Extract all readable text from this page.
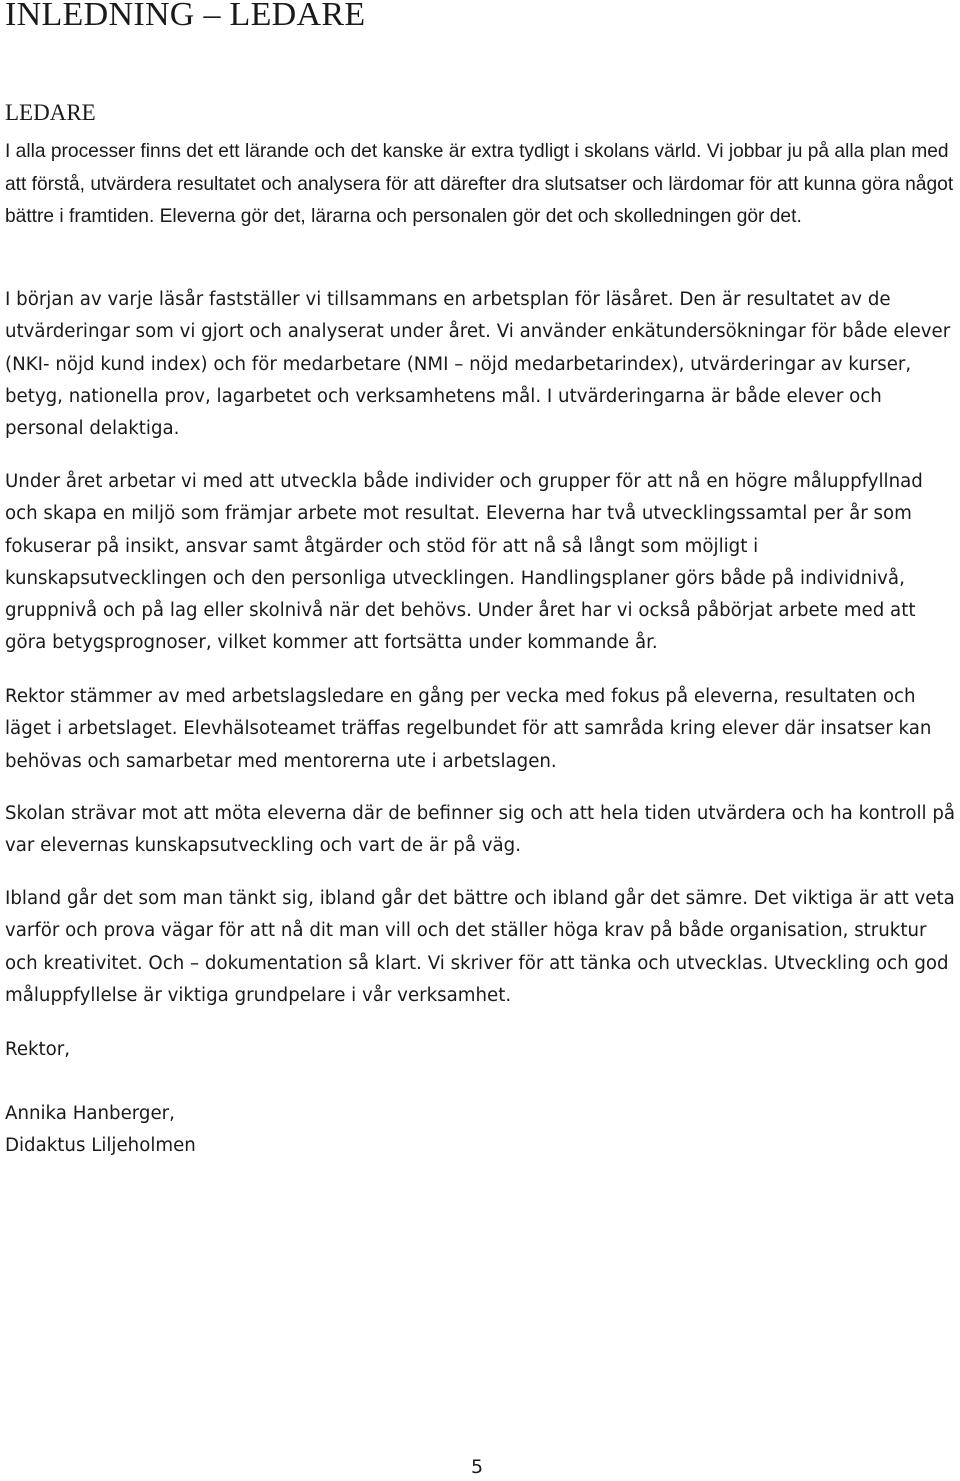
INLEDNING – LEDARE
LEDARE

I alla processer finns det ett lärande och det kanske är extra tydligt i skolans värld. Vi jobbar ju på alla plan med att förstå, utvärdera resultatet och analysera för att därefter dra slutsatser och lärdomar för att kunna göra något bättre i framtiden. Eleverna gör det, lärarna och personalen gör det och skolledningen gör det.

I början av varje läsår fastställer vi tillsammans en arbetsplan för läsåret. Den är resultatet av de utvärderingar som vi gjort och analyserat under året. Vi använder enkätundersökningar för både elever (NKI- nöjd kund index) och för medarbetare (NMI – nöjd medarbetarindex), utvärderingar av kurser, betyg, nationella prov, lagarbetet och verksamhetens mål. I utvärderingarna är både elever och personal delaktiga.

Under året arbetar vi med att utveckla både individer och grupper för att nå en högre måluppfyllnad och skapa en miljö som främjar arbete mot resultat. Eleverna har två utvecklingssamtal per år som fokuserar på insikt, ansvar samt åtgärder och stöd för att nå så långt som möjligt i kunskapsutvecklingen och den personliga utvecklingen. Handlingsplaner görs både på individnivå, gruppnivå och på lag eller skolnivå när det behövs. Under året har vi också påbörjat arbete med att göra betygsprognoser, vilket kommer att fortsätta under kommande år.

Rektor stämmer av med arbetslagsledare en gång per vecka med fokus på eleverna, resultaten och läget i arbetslaget. Elevhälsoteamet träffas regelbundet för att samråda kring elever där insatser kan behövas och samarbetar med mentorerna ute i arbetslagen.

Skolan strävar mot att möta eleverna där de befinner sig och att hela tiden utvärdera och ha kontroll på var elevernas kunskapsutveckling och vart de är på väg.

Ibland går det som man tänkt sig, ibland går det bättre och ibland går det sämre. Det viktiga är att veta varför och prova vägar för att nå dit man vill och det ställer höga krav på både organisation, struktur och kreativitet. Och – dokumentation så klart. Vi skriver för att tänka och utvecklas. Utveckling och god måluppfyllelse är viktiga grundpelare i vår verksamhet.

Rektor,

Annika Hanberger,
Didaktus Liljeholmen

5
